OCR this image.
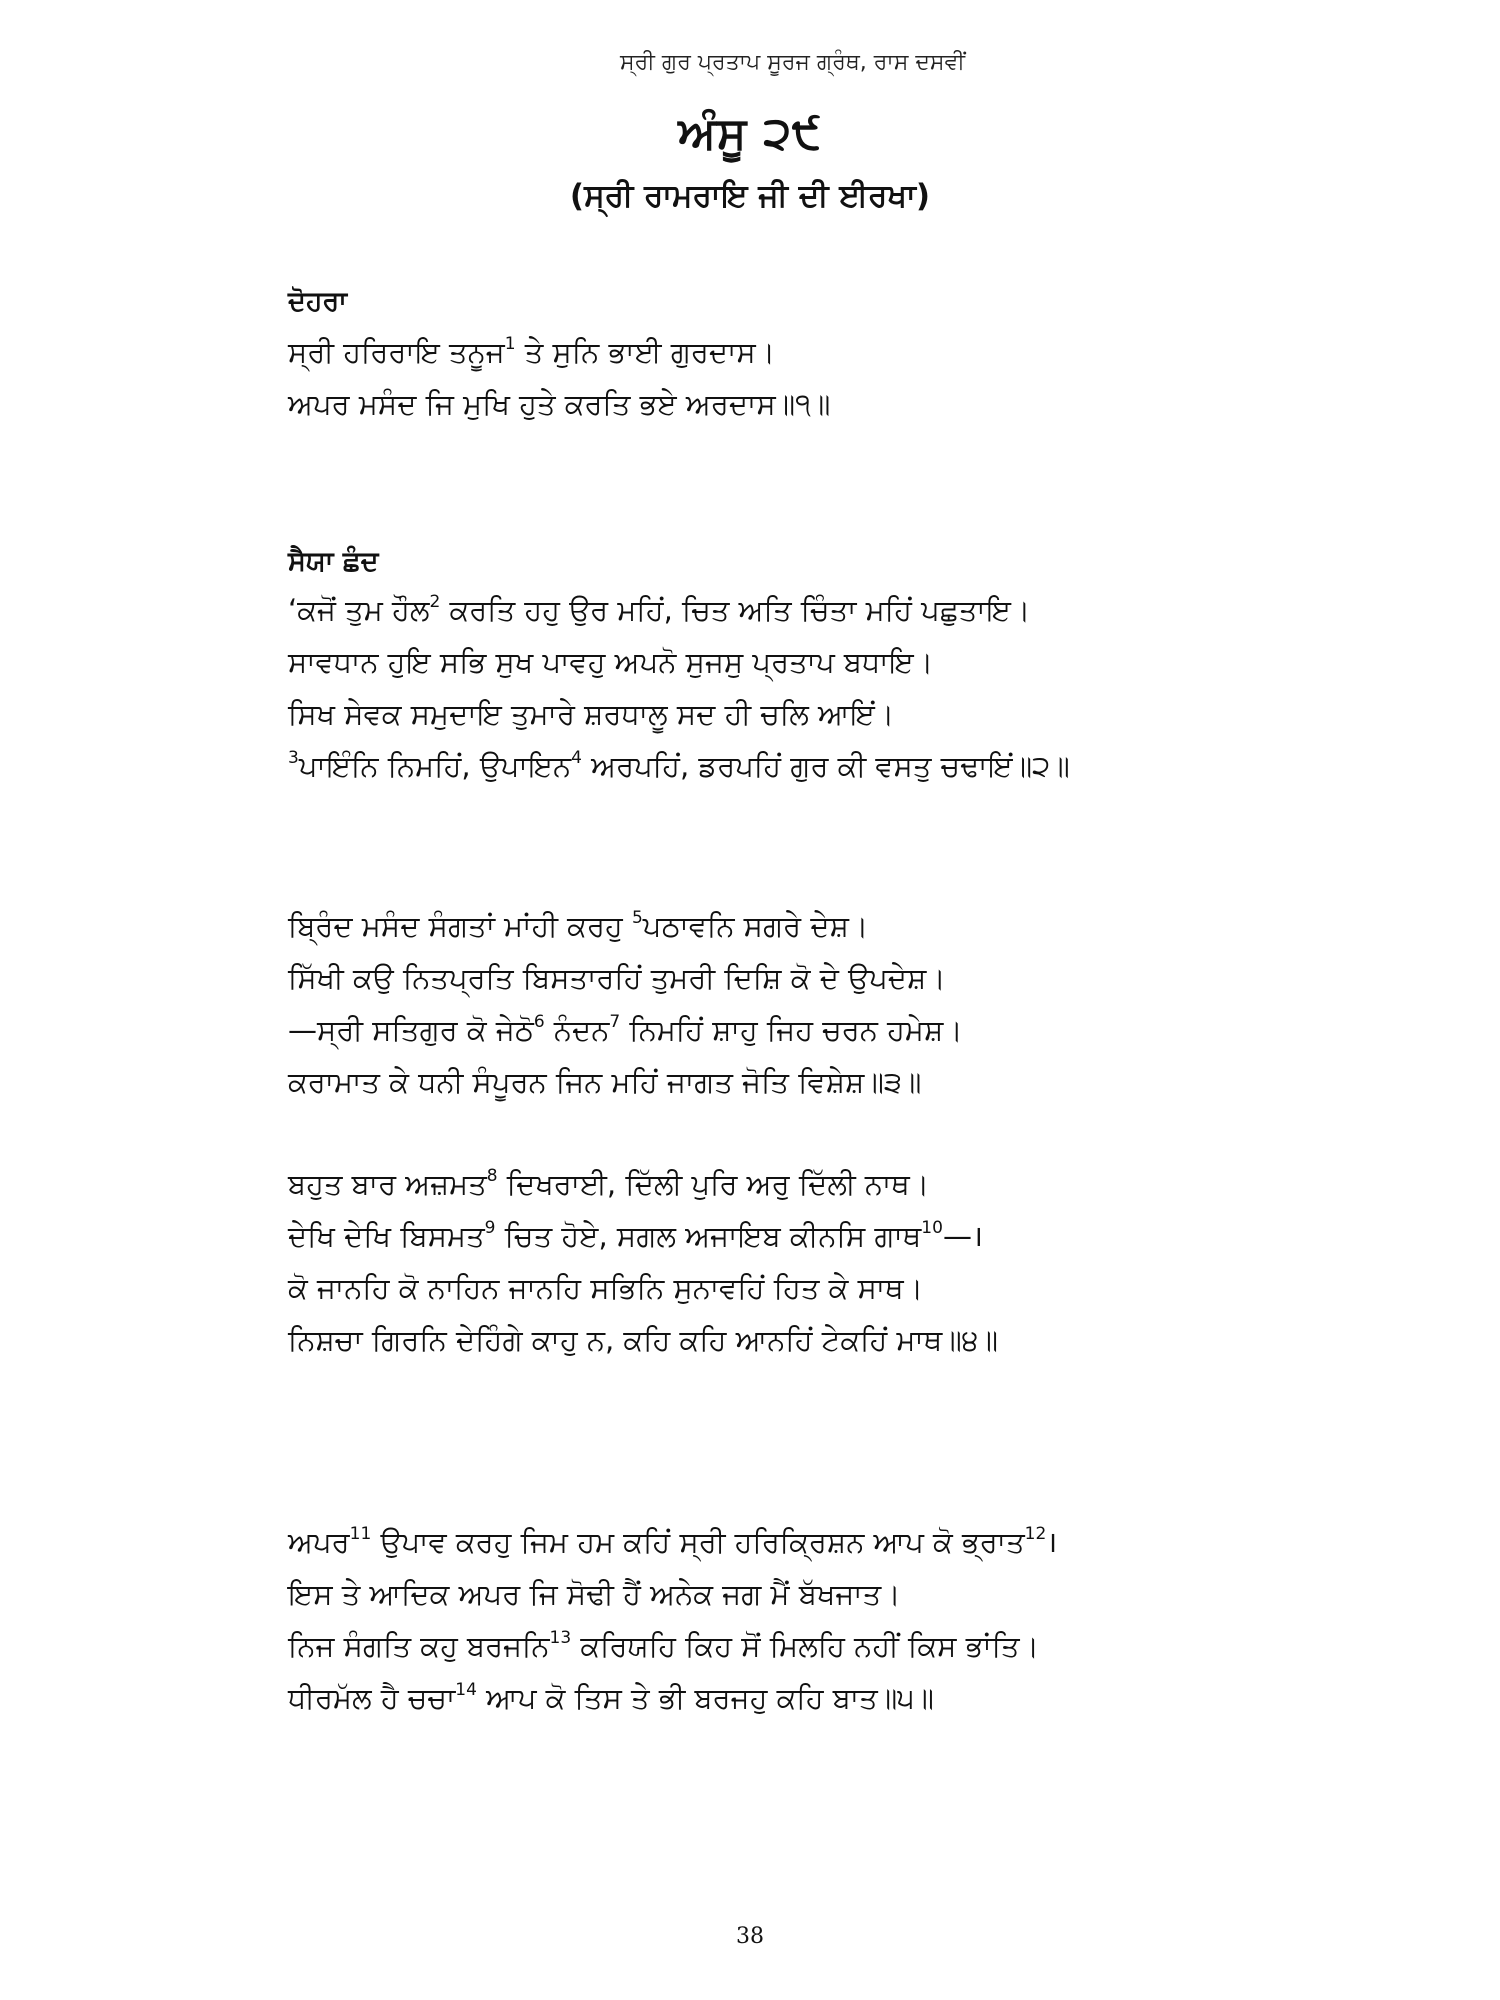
ਸ੍ਰੀ ਗੁਰ ਪ੍ਰਤਾਪ ਸੂਰਜ ਗ੍ਰੰਥ, ਰਾਸ ਦਸਵੀਂ
ਅੰਸੂ ੨੯
(ਸ੍ਰੀ ਰਾਮਰਾਇ ਜੀ ਦੀ ਈਰਖਾ)
ਦੋਹਰਾ
ਸ੍ਰੀ ਹਰਿਰਾਇ ਤਨੂਜ$^1$ ਤੇ ਸੁਨਿ ਭਾਈ ਗੁਰਦਾਸ।
ਅਪਰ ਮਸੰਦ ਜਿ ਮੁਖਿ ਹੁਤੇ ਕਰਤਿ ਭਏ ਅਰਦਾਸ॥੧॥
ਸੈਯਾ ਛੰਦ
‘ਕਜੋਂ ਤੁਮ ਹੌਲ$^2$ ਕਰਤਿ ਹਹੁ ਉਰ ਮਹਿਂ, ਚਿਤ ਅਤਿ ਚਿੰਤਾ ਮਹਿਂ ਪਛੁਤਾਇ।
ਸਾਵਧਾਨ ਹੁਇ ਸਭਿ ਸੁਖ ਪਾਵਹੁ ਅਪਨੋ ਸੁਜਸੁ ਪ੍ਰਤਾਪ ਬਧਾਇ।
ਸਿਖ ਸੇਵਕ ਸਮੁਦਾਇ ਤੁਮਾਰੇ ਸ਼ਰਧਾਲੂ ਸਦ ਹੀ ਚਲਿ ਆਇਂ।
$^3$ਪਾਇੰਨਿ ਨਿਮਹਿਂ, ਉਪਾਇਨ$^4$ ਅਰਪਹਿਂ, ਡਰਪਹਿਂ ਗੁਰ ਕੀ ਵਸਤੁ ਚਢਾਇਂ॥੨॥
ਬ੍ਰਿੰਦ ਮਸੰਦ ਸੰਗਤਾਂ ਮਾਂਹੀ ਕਰਹੁ $^5$ਪਠਾਵਨਿ ਸਗਰੇ ਦੇਸ਼।
ਸਿੱਖੀ ਕਉ ਨਿਤਪ੍ਰਤਿ ਬਿਸਤਾਰਹਿਂ ਤੁਮਰੀ ਦਿਸ਼ਿ ਕੋ ਦੇ ਉਪਦੇਸ਼।
—ਸ੍ਰੀ ਸਤਿਗੁਰ ਕੋ ਜੇਠੋ$^6$ ਨੰਦਨ$^7$ ਨਿਮਹਿਂ ਸ਼ਾਹੁ ਜਿਹ ਚਰਨ ਹਮੇਸ਼।
ਕਰਾਮਾਤ ਕੇ ਧਨੀ ਸੰਪੂਰਨ ਜਿਨ ਮਹਿਂ ਜਾਗਤ ਜੋਤਿ ਵਿਸ਼ੇਸ਼॥੩॥
ਬਹੁਤ ਬਾਰ ਅਜ਼ਮਤ$^8$ ਦਿਖਰਾਈ, ਦਿੱਲੀ ਪੁਰਿ ਅਰੁ ਦਿੱਲੀ ਨਾਥ।
ਦੇਖਿ ਦੇਖਿ ਬਿਸਮਤ$^9$ ਚਿਤ ਹੋਏ, ਸਗਲ ਅਜਾਇਬ ਕੀਨਸਿ ਗਾਥ$^{10}$—।
ਕੋ ਜਾਨਹਿ ਕੋ ਨਾਹਿਨ ਜਾਨਹਿ ਸਭਿਨਿ ਸੁਨਾਵਹਿਂ ਹਿਤ ਕੇ ਸਾਥ।
ਨਿਸ਼ਚਾ ਗਿਰਨਿ ਦੇਹਿੰਗੇ ਕਾਹੁ ਨ, ਕਹਿ ਕਹਿ ਆਨਹਿਂ ਟੇਕਹਿਂ ਮਾਥ॥੪॥
ਅਪਰ$^{11}$ ਉਪਾਵ ਕਰਹੁ ਜਿਮ ਹਮ ਕਹਿਂ ਸ੍ਰੀ ਹਰਿਕ੍ਰਿਸ਼ਨ ਆਪ ਕੋ ਭ੍ਰਾਤ$^{12}$।
ਇਸ ਤੇ ਆਦਿਕ ਅਪਰ ਜਿ ਸੋਢੀ ਹੈਂ ਅਨੇਕ ਜਗ ਮੈਂ ਬੱਖਜਾਤ।
ਨਿਜ ਸੰਗਤਿ ਕਹੁ ਬਰਜਨਿ$^{13}$ ਕਰਿਯਹਿ ਕਿਹ ਸੋਂ ਮਿਲਹਿ ਨਹੀਂ ਕਿਸ ਭਾਂਤਿ।
ਧੀਰਮੱਲ ਹੈ ਚਚਾ$^{14}$ ਆਪ ਕੋ ਤਿਸ ਤੇ ਭੀ ਬਰਜਹੁ ਕਹਿ ਬਾਤ॥੫॥
38
